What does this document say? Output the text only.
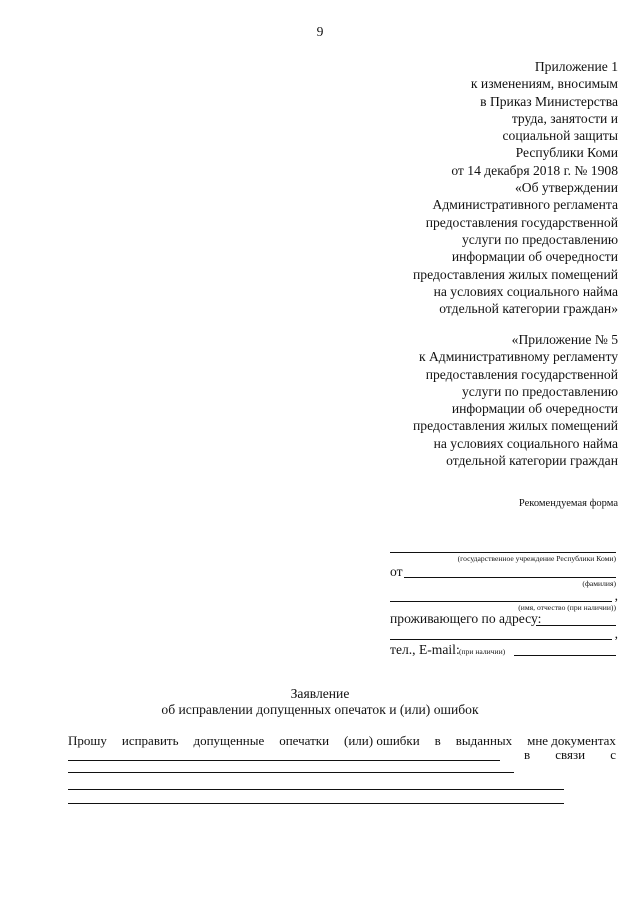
9
Приложение 1
к изменениям, вносимым
в Приказ Министерства
труда, занятости и
социальной защиты
Республики Коми
от 14 декабря 2018 г. № 1908
«Об утверждении
Административного регламента
предоставления государственной
услуги по предоставлению
информации об очередности
предоставления жилых помещений
на условиях социального найма
отдельной категории граждан»
«Приложение № 5
к Административному регламенту
предоставления государственной
услуги по предоставлению
информации об очередности
предоставления жилых помещений
на условиях социального найма
отдельной категории граждан
Рекомендуемая форма
(государственное учреждение Республики Коми)
от
(фамилия)
,
(имя, отчество (при наличии))
проживающего по адресу:
,
тел., E-mail: (при наличии)
Заявление
об исправлении допущенных опечаток и (или) ошибок
Прошу исправить допущенные опечатки (или) ошибки в выданных мне документах
в связи с
